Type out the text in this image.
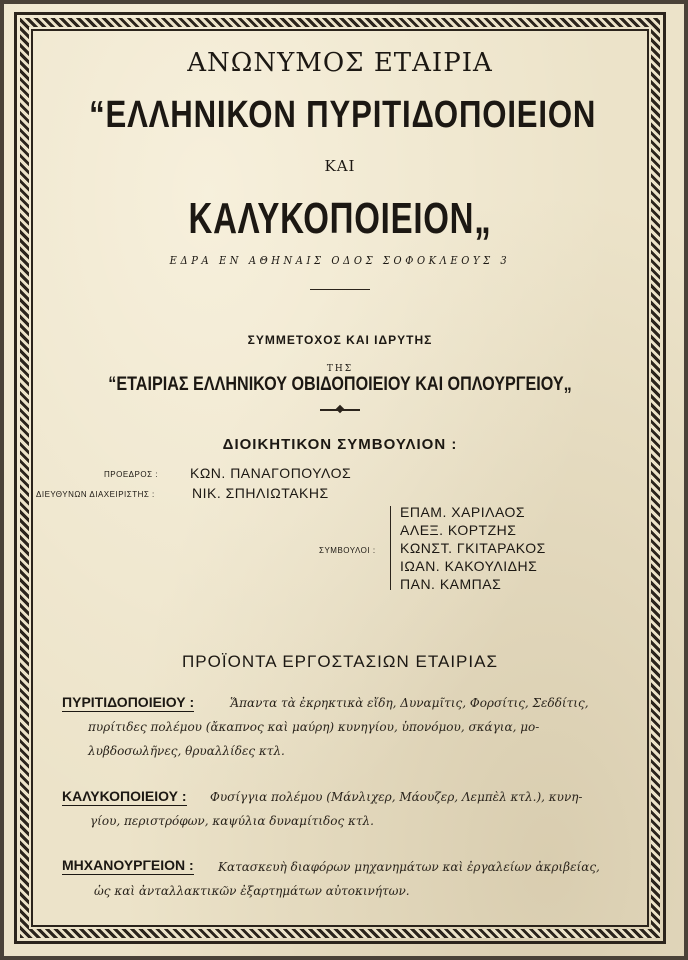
ΑΝΩΝΥΜΟΣ ΕΤΑΙΡΙΑ
“ΕΛΛΗΝΙΚΟΝ ΠΥΡΙΤΙΔΟΠΟΙΕΙΟΝ
ΚΑΙ
ΚΑΛΥΚΟΠΟΙΕΙΟΝ„
ΕΔΡΑ ΕΝ ΑΘΗΝΑΙΣ ΟΔΟΣ ΣΟΦΟΚΛΕΟΥΣ 3
ΣΥΜΜΕΤΟΧΟΣ ΚΑΙ ΙΔΡΥΤΗΣ
ΤΗΣ
“ΕΤΑΙΡΙΑΣ ΕΛΛΗΝΙΚΟΥ ΟΒΙΔΟΠΟΙΕΙΟΥ ΚΑΙ ΟΠΛΟΥΡΓΕΙΟΥ„
ΔΙΟΙΚΗΤΙΚΟΝ ΣΥΜΒΟΥΛΙΟΝ :
ΠΡΟΕΔΡΟΣ : ΚΩΝ. ΠΑΝΑΓΟΠΟΥΛΟΣ
ΔΙΕΥΘΥΝΩΝ ΔΙΑΧΕΙΡΙΣΤΗΣ :	ΝΙΚ. ΣΠΗΛΙΩΤΑΚΗΣ
ΣΥΜΒΟΥΛΟΙ :
ΕΠΑΜ. ΧΑΡΙΛΑΟΣ
ΑΛΕΞ. ΚΟΡΤΖΗΣ
ΚΩΝΣΤ. ΓΚΙΤΑΡΑΚΟΣ
ΙΩΑΝ. ΚΑΚΟΥΛΙΔΗΣ
ΠΑΝ. ΚΑΜΠΑΣ
ΠΡΟΪΟΝΤΑ ΕΡΓΟΣΤΑΣΙΩΝ ΕΤΑΙΡΙΑΣ
ΠΥΡΙΤΙΔΟΠΟΙΕΙΟΥ :	Ἅπαντα τὰ ἐκρηκτικὰ εἴδη, Δυναμῖτις, Φορσίτις, Σεδδίτις,
πυρίτιδες πολέμου (ἄκαπνος καὶ μαύρη) κυνηγίου, ὑπονόμου, σκάγια, μο-
λυβδοσωλῆνες, θρυαλλίδες κτλ.
ΚΑΛΥΚΟΠΟΙΕΙΟΥ : Φυσίγγια πολέμου (Μάνλιχερ, Μάουζερ, Λεμπὲλ κτλ.), κυνη-
γίου, περιστρόφων, καψύλια δυναμίτιδος κτλ.
ΜΗΧΑΝΟΥΡΓΕΙΟΝ : Κατασκευὴ διαφόρων μηχανημάτων καὶ ἐργαλείων ἀκριβείας,
ὡς καὶ ἀνταλλακτικῶν ἐξαρτημάτων αὐτοκινήτων.
